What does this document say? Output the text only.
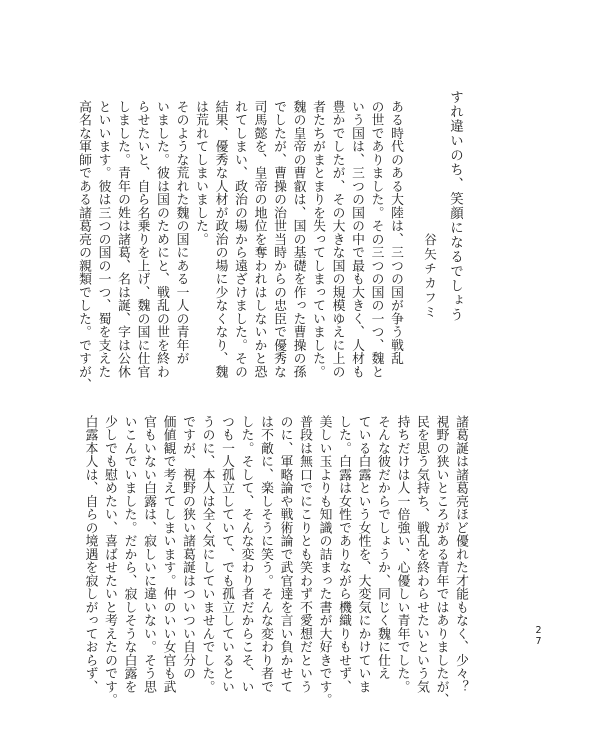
すれ違いのち、笑顔になるでしょう
谷矢チカフミ

ある時代のある大陸は、三つの国が争う戦乱

の世でありました。その三つの国の一つ、魏と

いう国は、三つの国の中で最も大きく、人材も

豊かでしたが、その大きな国の規模ゆえに上の

者たちがまとまりを失ってしまっていました。

魏の皇帝の曹叡は、国の基礎を作った曹操の孫

でしたが、曹操の治世当時からの忠臣で優秀な

司馬懿を、皇帝の地位を奪われはしないかと恐

れてしまい、政治の場から遠ざけました。その

結果、優秀な人材が政治の場に少なくなり、魏

は荒れてしまいました。

そのような荒れた魏の国にある一人の青年が

いました。彼は国のためにと、戦乱の世を終わ

らせたいと、自ら名乗りを上げ、魏の国に仕官

しました。青年の姓は諸葛、名は誕、字は公休

といいます。彼は三つの国の一つ、蜀を支えた

高名な軍師である諸葛亮の親類でした。ですが、

諸葛誕は諸葛亮ほど優れた才能もなく、少々？

視野の狭いところがある青年ではありましたが、

民を思う気持ち、戦乱を終わらせたいという気

持ちだけは人一倍強い、心優しい青年でした。

そんな彼だからでしょうか、同じく魏に仕え

ている白露という女性を、大変気にかけていま

した。白露は女性でありながら機織りもせず、

美しい玉よりも知識の詰まった書が大好きです。

普段は無口でにこりとも笑わず不愛想だという

のに、軍略論や戦術論で武官達を言い負かせて

は不敵に、楽しそうに笑う。そんな変わり者で

した。そして、そんな変わり者だからこそ、い

つも一人孤立していて、でも孤立しているとい

うのに、本人は全く気にしていませんでした。

ですが、視野の狭い諸葛誕はついつい自分の

価値観で考えてしまいます。仲のいい女官も武

官もいない白露は、寂しいに違いない。そう思

いこんでいました。だから、寂しそうな白露を

少しでも慰めたい、喜ばせたいと考えたのです。

白露本人は、自らの境遇を寂しがっておらず、	27
